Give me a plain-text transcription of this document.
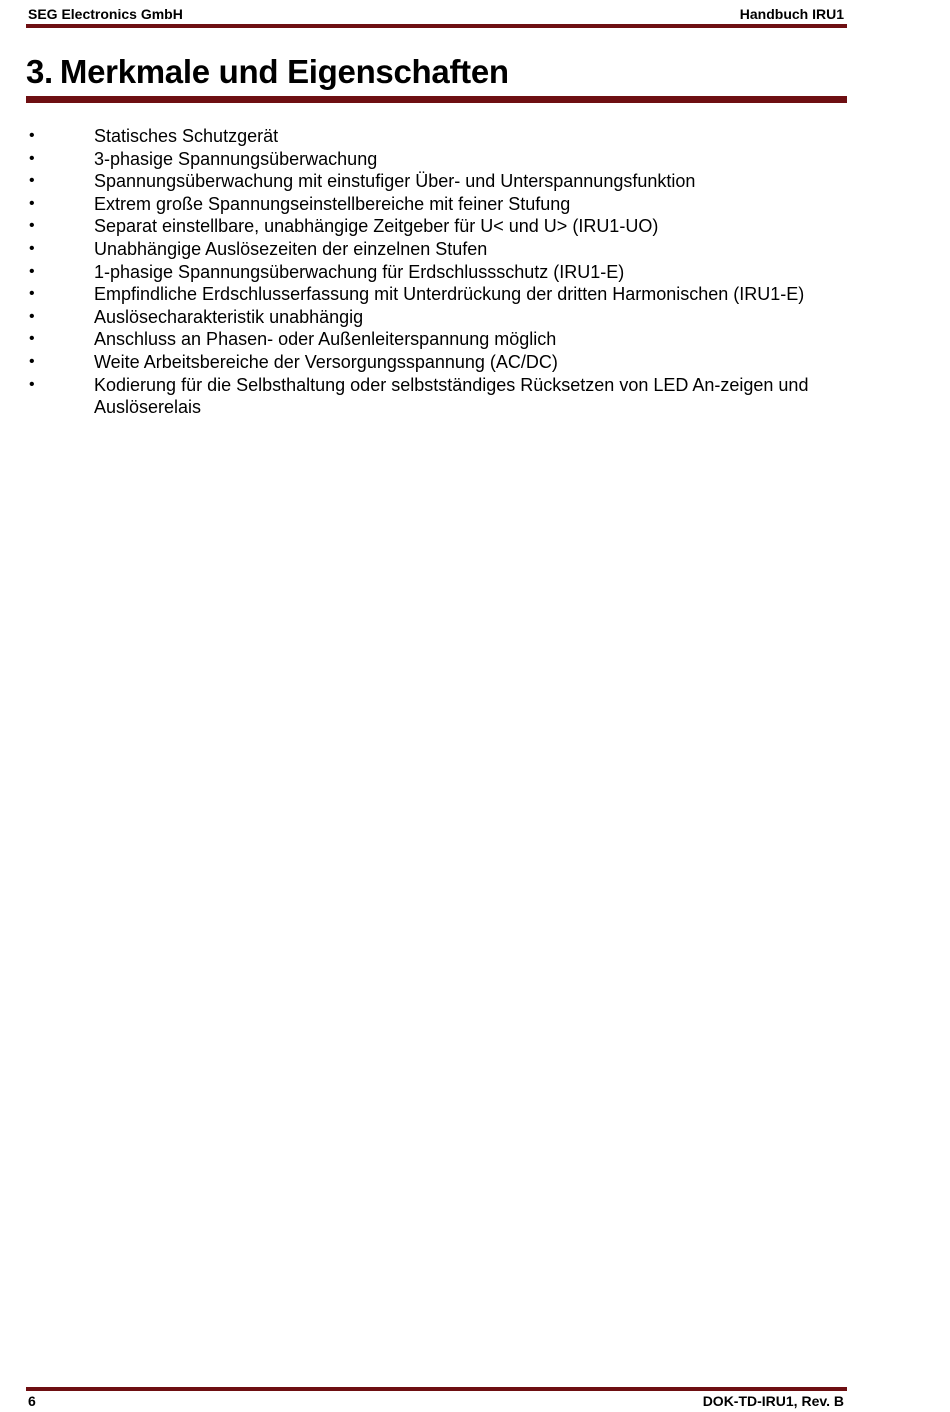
SEG Electronics GmbH	Handbuch IRU1
3. Merkmale und Eigenschaften
•	Statisches Schutzgerät
•	3-phasige Spannungsüberwachung
•	Spannungsüberwachung mit einstufiger Über- und Unterspannungsfunktion
•	Extrem große Spannungseinstellbereiche mit feiner Stufung
•	Separat einstellbare, unabhängige Zeitgeber für U< und U> (IRU1-UO)
•	Unabhängige Auslösezeiten der einzelnen Stufen
•	1-phasige Spannungsüberwachung für Erdschlussschutz (IRU1-E)
•	Empfindliche Erdschlusserfassung mit Unterdrückung der dritten Harmonischen (IRU1-E)
•	Auslösecharakteristik unabhängig
•	Anschluss an Phasen- oder Außenleiterspannung möglich
•	Weite Arbeitsbereiche der Versorgungsspannung (AC/DC)
•	Kodierung für die Selbsthaltung oder selbstständiges Rücksetzen von LED An-zeigen und Auslöserelais
6	DOK-TD-IRU1, Rev. B
